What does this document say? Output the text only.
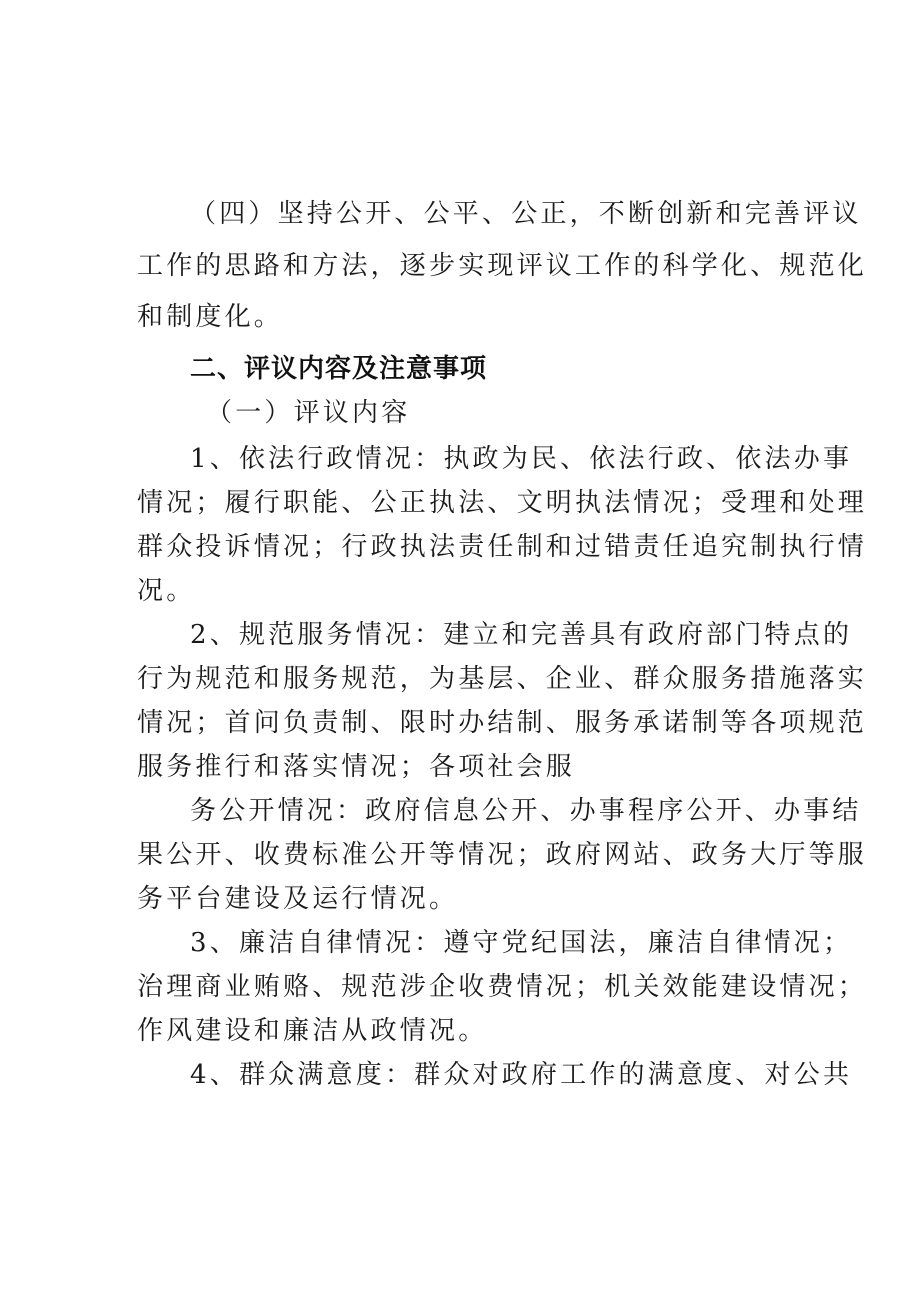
（四）坚持公开、公平、公正，不断创新和完善评议

工作的思路和方法，逐步实现评议工作的科学化、规范化

和制度化。

二、评议内容及注意事项

（一）评议内容

1、依法行政情况：执政为民、依法行政、依法办事

情况；履行职能、公正执法、文明执法情况；受理和处理

群众投诉情况；行政执法责任制和过错责任追究制执行情

况。

2、规范服务情况：建立和完善具有政府部门特点的

行为规范和服务规范，为基层、企业、群众服务措施落实

情况；首问负责制、限时办结制、服务承诺制等各项规范

服务推行和落实情况；各项社会服

务公开情况：政府信息公开、办事程序公开、办事结

果公开、收费标准公开等情况；政府网站、政务大厅等服

务平台建设及运行情况。

3、廉洁自律情况：遵守党纪国法，廉洁自律情况；

治理商业贿赂、规范涉企收费情况；机关效能建设情况；

作风建设和廉洁从政情况。

4、群众满意度：群众对政府工作的满意度、对公共
